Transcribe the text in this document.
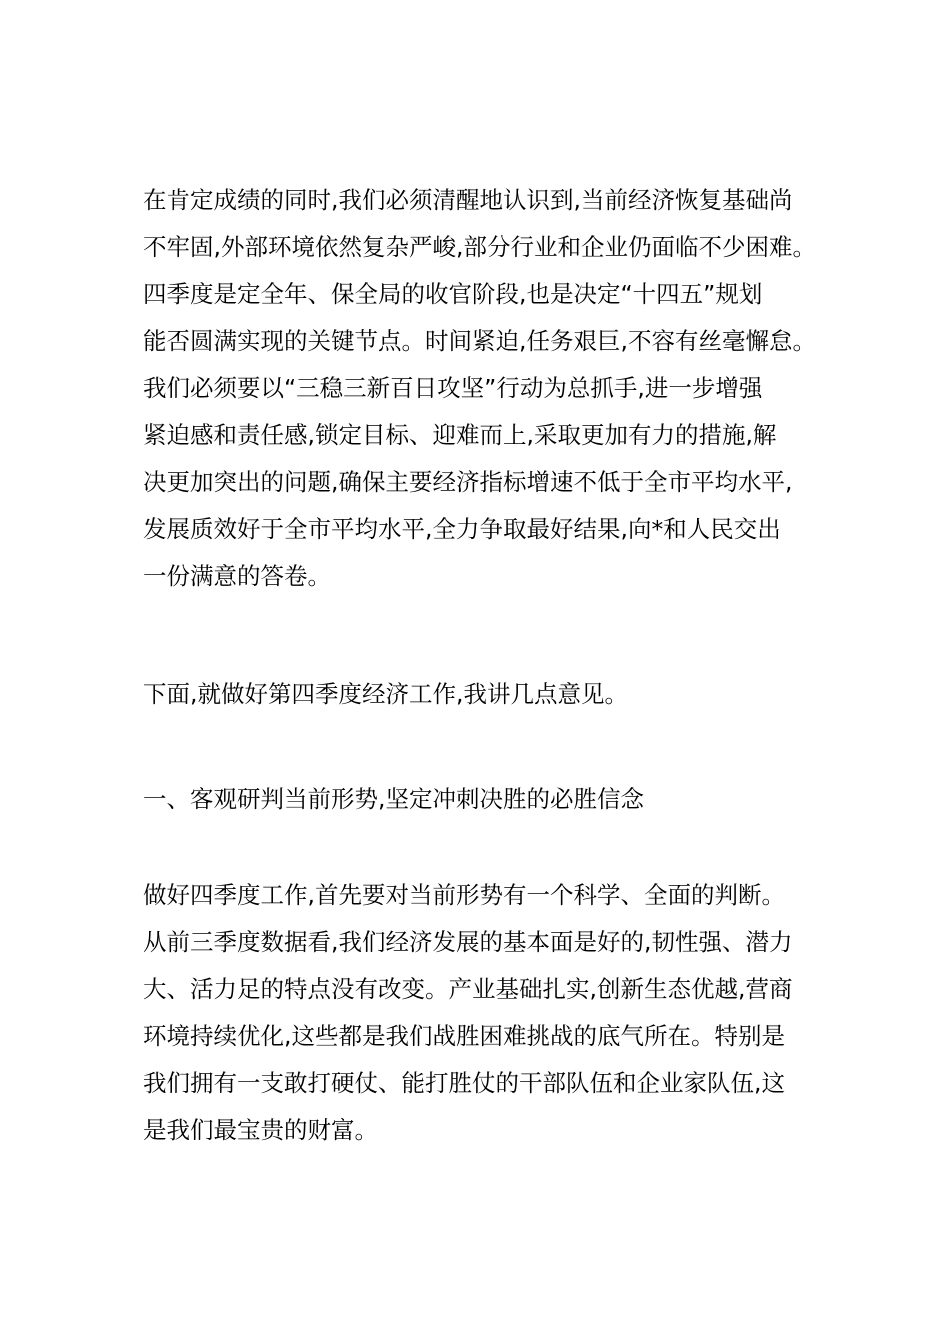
在肯定成绩的同时,我们必须清醒地认识到,当前经济恢复基础尚
不牢固,外部环境依然复杂严峻,部分行业和企业仍面临不少困难。
四季度是定全年、保全局的收官阶段,也是决定“十四五”规划
能否圆满实现的关键节点。时间紧迫,任务艰巨,不容有丝毫懈怠。
我们必须要以“三稳三新百日攻坚”行动为总抓手,进一步增强
紧迫感和责任感,锁定目标、迎难而上,采取更加有力的措施,解
决更加突出的问题,确保主要经济指标增速不低于全市平均水平,
发展质效好于全市平均水平,全力争取最好结果,向*和人民交出
一份满意的答卷。
下面,就做好第四季度经济工作,我讲几点意见。
一、客观研判当前形势,坚定冲刺决胜的必胜信念
做好四季度工作,首先要对当前形势有一个科学、全面的判断。
从前三季度数据看,我们经济发展的基本面是好的,韧性强、潜力
大、活力足的特点没有改变。产业基础扎实,创新生态优越,营商
环境持续优化,这些都是我们战胜困难挑战的底气所在。特别是
我们拥有一支敢打硬仗、能打胜仗的干部队伍和企业家队伍,这
是我们最宝贵的财富。
